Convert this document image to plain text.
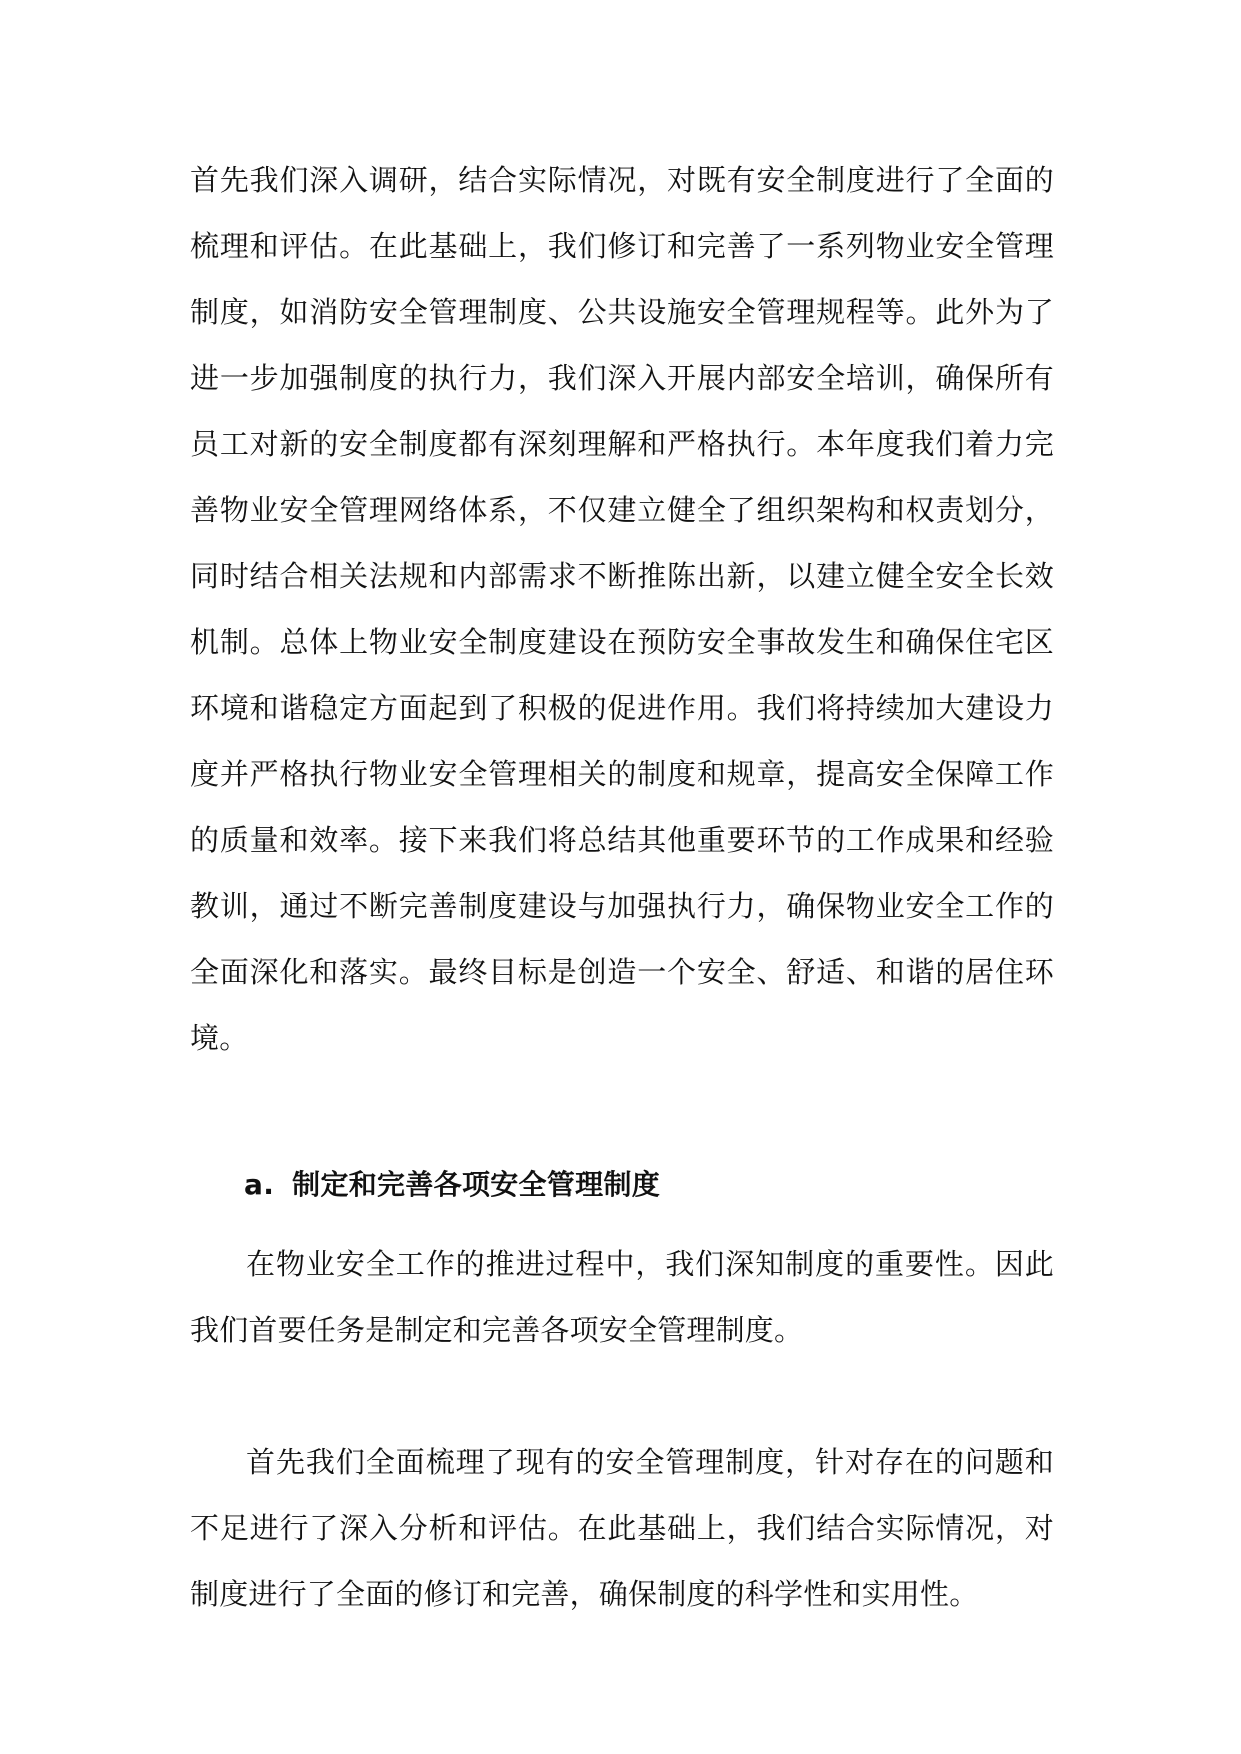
首先我们深入调研，结合实际情况，对既有安全制度进行了全面的梳理和评估。在此基础上，我们修订和完善了一系列物业安全管理制度，如消防安全管理制度、公共设施安全管理规程等。此外为了进一步加强制度的执行力，我们深入开展内部安全培训，确保所有员工对新的安全制度都有深刻理解和严格执行。本年度我们着力完善物业安全管理网络体系，不仅建立健全了组织架构和权责划分，同时结合相关法规和内部需求不断推陈出新，以建立健全安全长效机制。总体上物业安全制度建设在预防安全事故发生和确保住宅区环境和谐稳定方面起到了积极的促进作用。我们将持续加大建设力度并严格执行物业安全管理相关的制度和规章，提高安全保障工作的质量和效率。接下来我们将总结其他重要环节的工作成果和经验教训，通过不断完善制度建设与加强执行力，确保物业安全工作的全面深化和落实。最终目标是创造一个安全、舒适、和谐的居住环境。

a. 制定和完善各项安全管理制度

在物业安全工作的推进过程中，我们深知制度的重要性。因此我们首要任务是制定和完善各项安全管理制度。

首先我们全面梳理了现有的安全管理制度，针对存在的问题和不足进行了深入分析和评估。在此基础上，我们结合实际情况，对制度进行了全面的修订和完善，确保制度的科学性和实用性。
